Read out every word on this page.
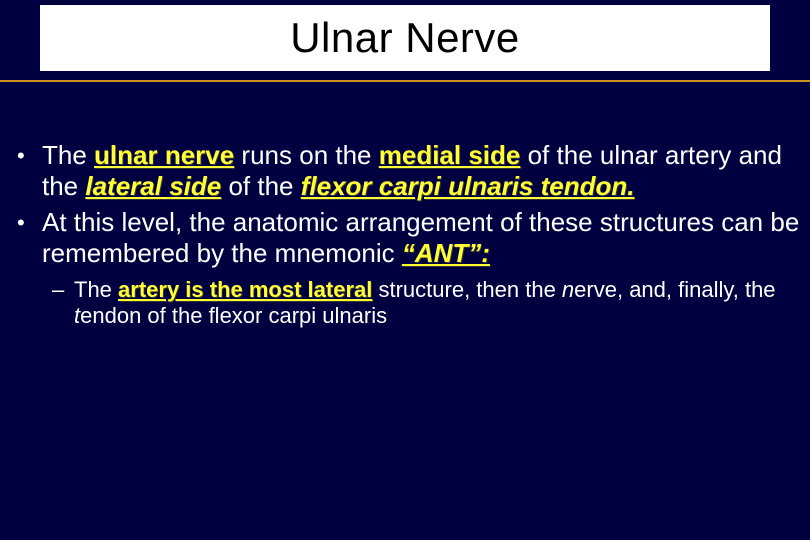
Ulnar Nerve
• The ulnar nerve runs on the medial side of the ulnar artery and the lateral side of the flexor carpi ulnaris tendon.
• At this level, the anatomic arrangement of these structures can be remembered by the mnemonic “ANT”:
– The artery is the most lateral structure, then the nerve, and, finally, the tendon of the flexor carpi ulnaris
